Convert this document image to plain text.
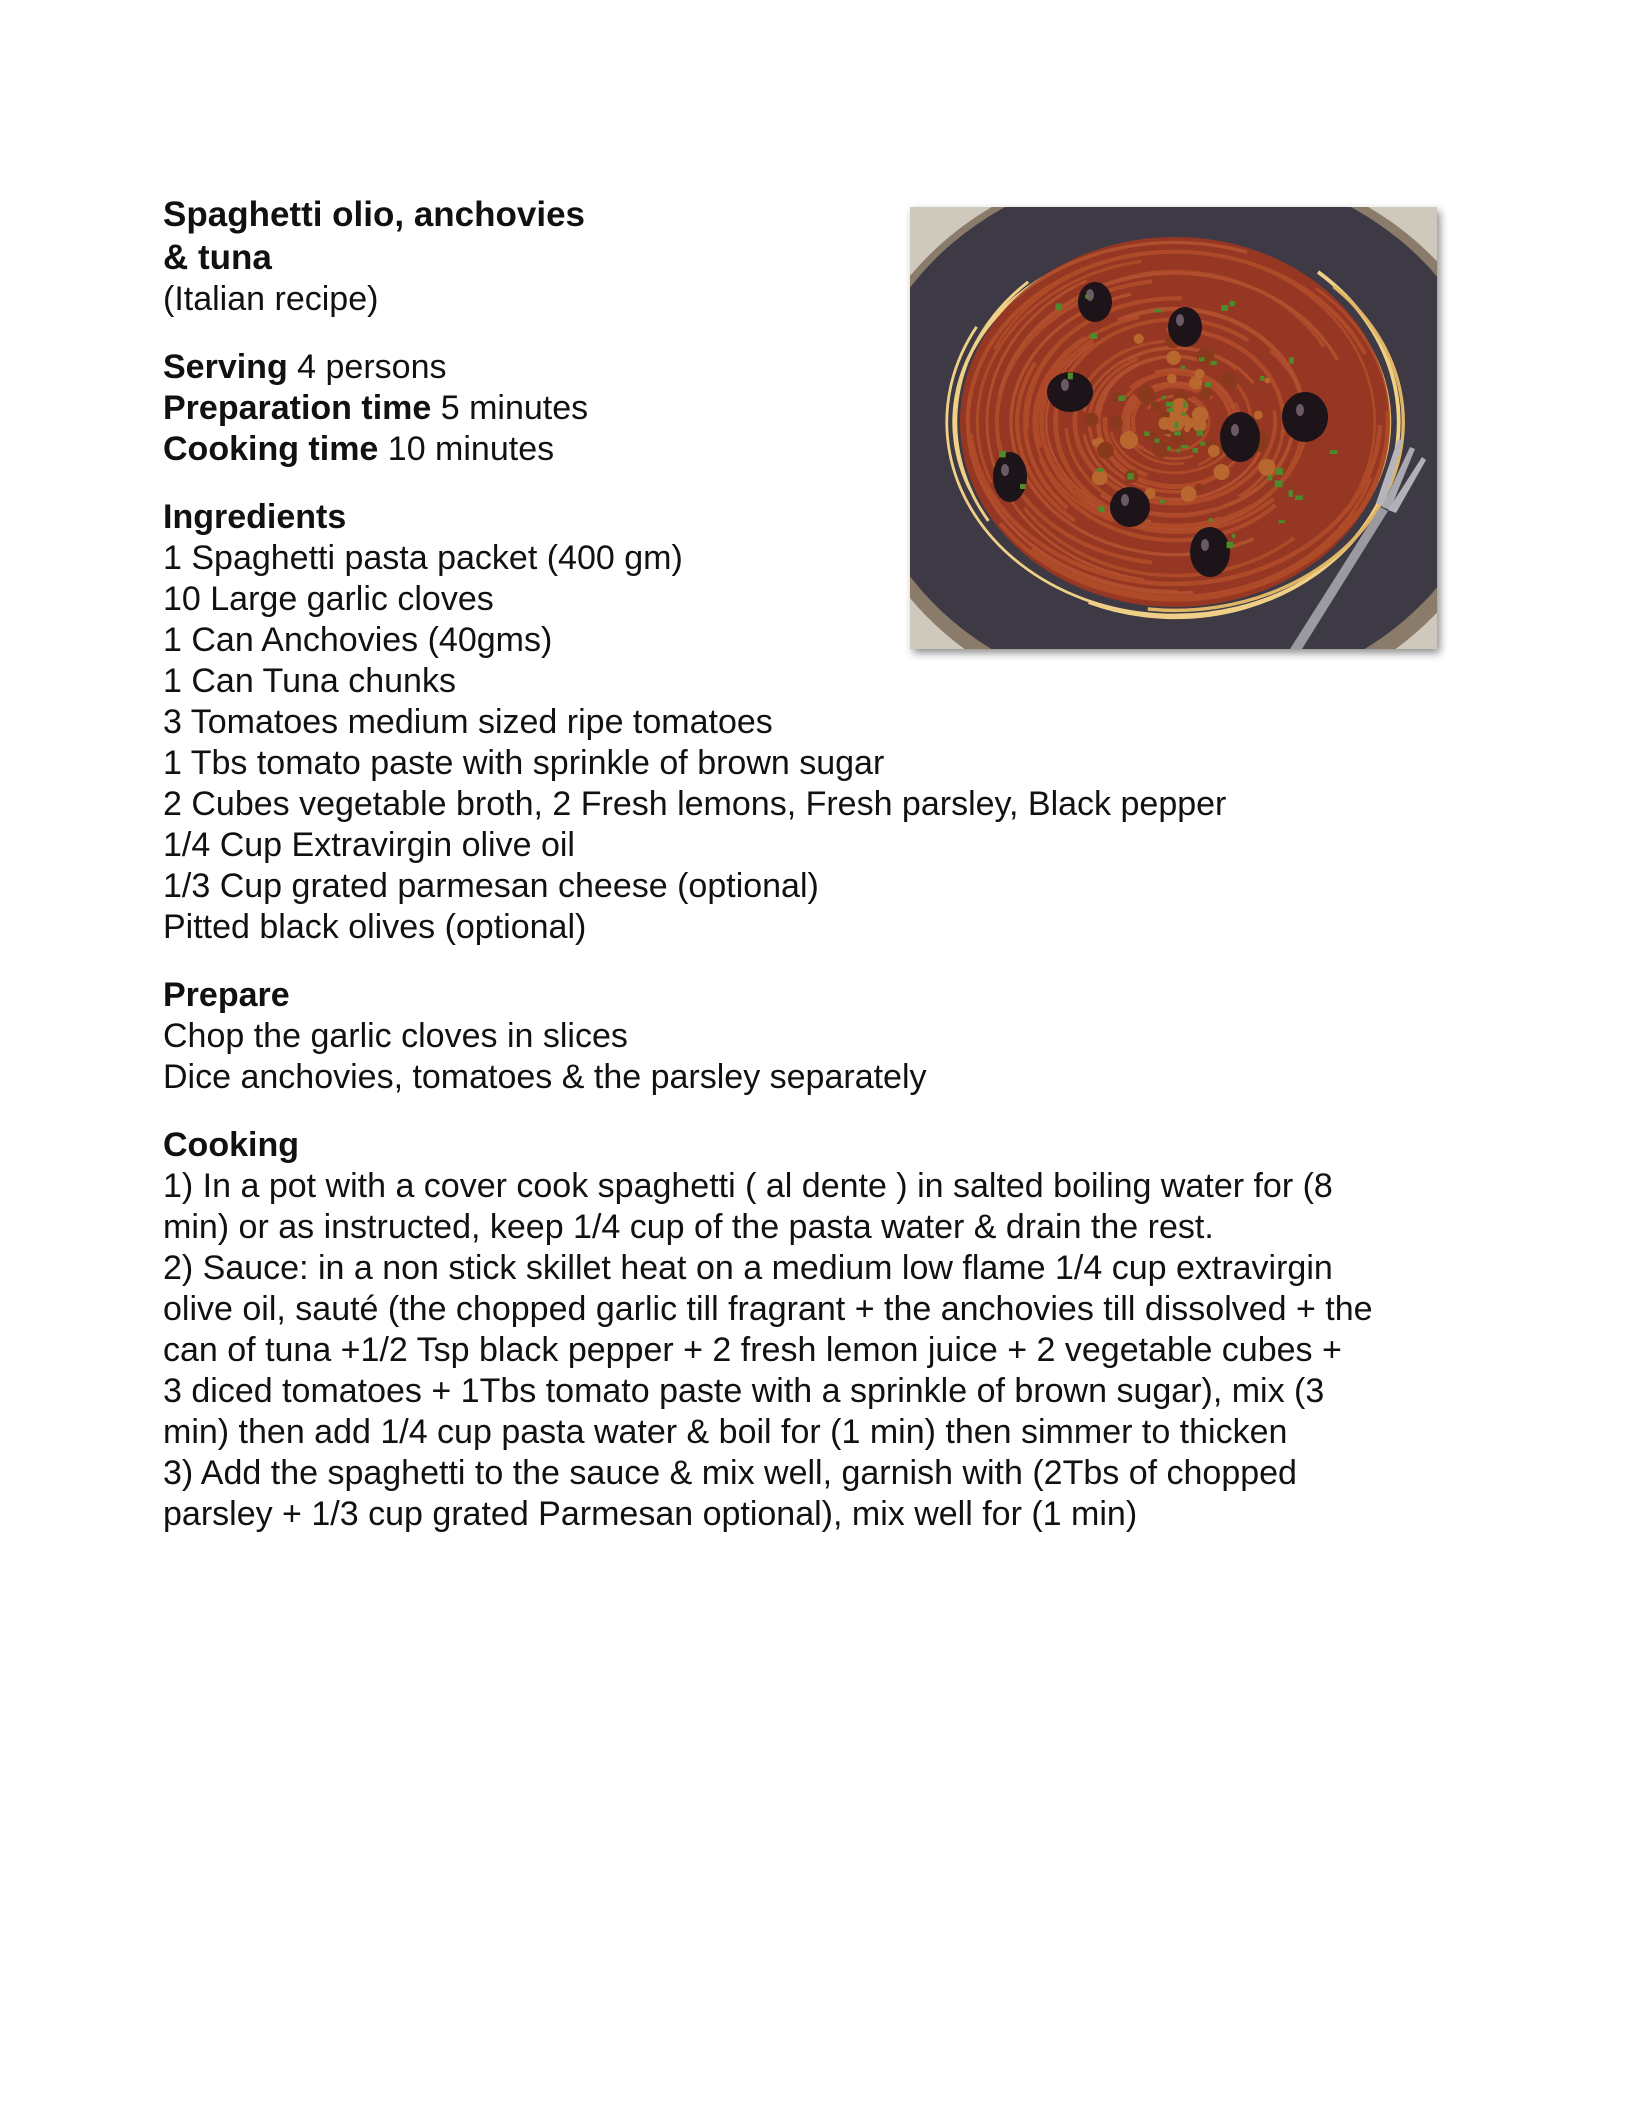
Spaghetti olio, anchovies

& tuna

(Italian recipe)

Serving 4 persons

Preparation time 5 minutes

Cooking time 10 minutes

Ingredients

1 Spaghetti pasta packet (400 gm)

10 Large garlic cloves

1 Can Anchovies (40gms)

1 Can Tuna chunks

3 Tomatoes medium sized ripe tomatoes

1 Tbs tomato paste with sprinkle of brown sugar

2 Cubes vegetable broth, 2 Fresh lemons, Fresh parsley, Black pepper

1/4 Cup Extravirgin olive oil

1/3 Cup grated parmesan cheese (optional)

Pitted black olives (optional)

Prepare

Chop the garlic cloves in slices

Dice anchovies, tomatoes & the parsley separately

Cooking

1) In a pot with a cover cook spaghetti ( al dente ) in salted boiling water for (8

min) or as instructed, keep 1/4 cup of the pasta water & drain the rest.

2) Sauce: in a non stick skillet heat on a medium low flame 1/4 cup extravirgin

olive oil, sauté (the chopped garlic till fragrant + the anchovies till dissolved + the

can of tuna +1/2 Tsp black pepper + 2 fresh lemon juice + 2 vegetable cubes +

3 diced tomatoes + 1Tbs tomato paste with a sprinkle of brown sugar), mix (3

min) then add 1/4 cup pasta water & boil for (1 min) then simmer to thicken

3) Add the spaghetti to the sauce & mix well, garnish with (2Tbs of chopped

parsley + 1/3 cup grated Parmesan optional), mix well for (1 min)
